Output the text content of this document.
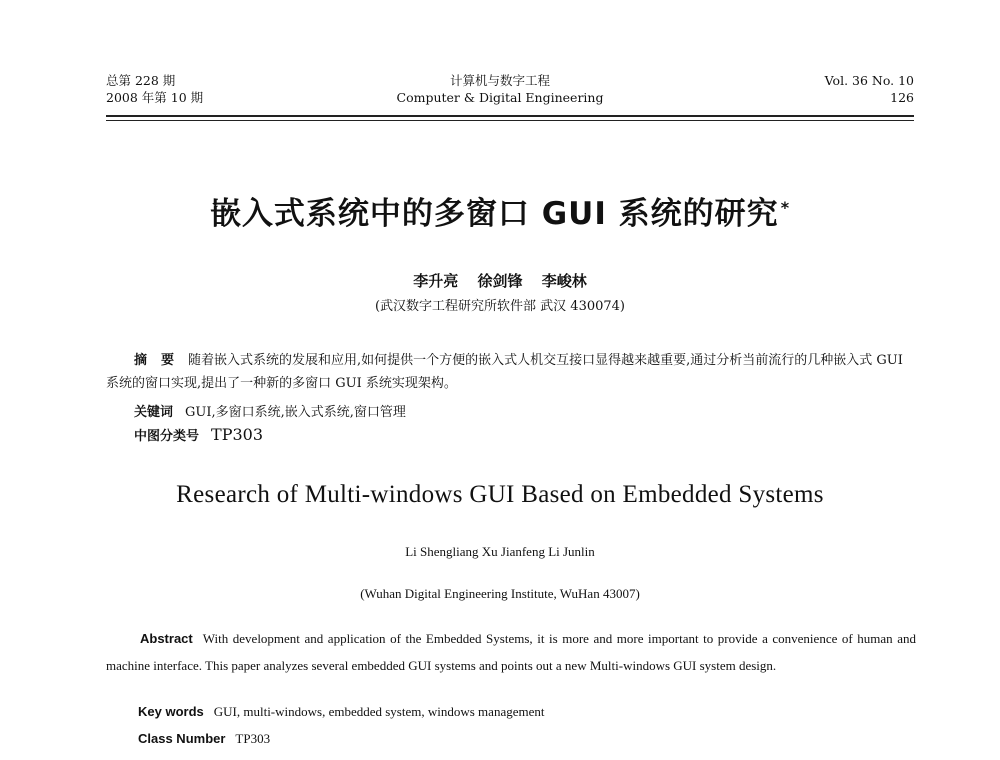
总第 228 期
2008 年第 10 期
计算机与数字工程
Computer & Digital Engineering
Vol. 36 No. 10
126
嵌入式系统中的多窗口 GUI 系统的研究 *
李升亮 徐剑锋 李峻林
(武汉数字工程研究所软件部 武汉 430074)
摘要随着嵌入式系统的发展和应用,如何提供一个方便的嵌入式人机交互接口显得越来越重要,通过分析当前流行的几种嵌入式 GUI 系统的窗口实现,提出了一种新的多窗口 GUI 系统实现架构。
关键词 GUI,多窗口系统,嵌入式系统,窗口管理
中图分类号 TP303
Research of Multi-windows GUI Based on Embedded Systems
Li Shengliang Xu Jianfeng Li Junlin
(Wuhan Digital Engineering Institute, WuHan 43007)
Abstract With development and application of the Embedded Systems, it is more and more important to provide a convenience of human and machine interface. This paper analyzes several embedded GUI systems and points out a new Multi-windows GUI system design.
Key words GUI, multi-windows, embedded system, windows management
Class Number TP303
